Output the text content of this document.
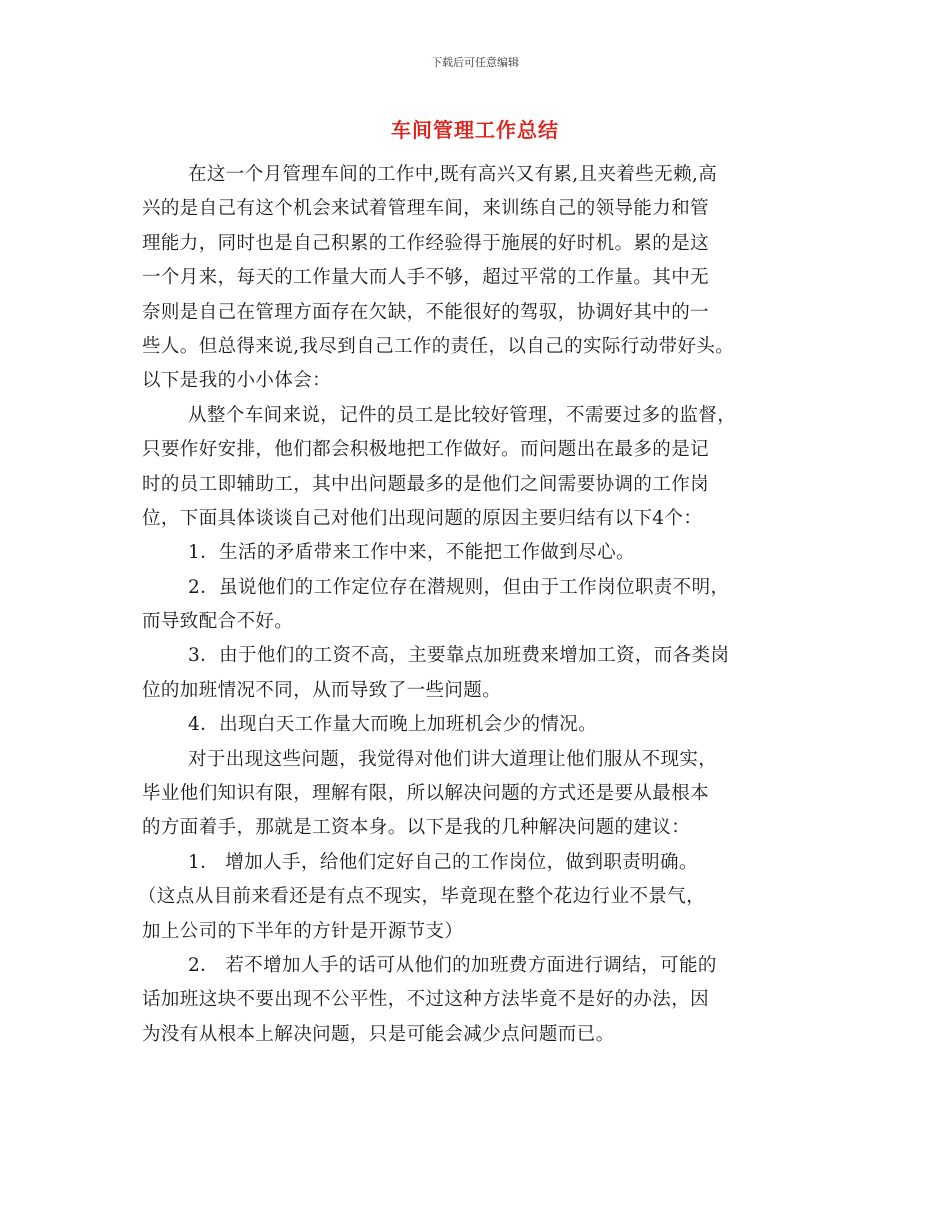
下载后可任意编辑
车间管理工作总结
在这一个月管理车间的工作中,既有高兴又有累,且夹着些无赖,高
兴的是自己有这个机会来试着管理车间，来训练自己的领导能力和管
理能力，同时也是自己积累的工作经验得于施展的好时机。累的是这
一个月来，每天的工作量大而人手不够，超过平常的工作量。其中无
奈则是自己在管理方面存在欠缺，不能很好的驾驭，协调好其中的一
些人。但总得来说,我尽到自己工作的责任，以自己的实际行动带好头。
以下是我的小小体会：
从整个车间来说，记件的员工是比较好管理，不需要过多的监督，
只要作好安排，他们都会积极地把工作做好。而问题出在最多的是记
时的员工即辅助工，其中出问题最多的是他们之间需要协调的工作岗
位，下面具体谈谈自己对他们出现问题的原因主要归结有以下4个：
1．生活的矛盾带来工作中来，不能把工作做到尽心。
2．虽说他们的工作定位存在潜规则，但由于工作岗位职责不明，
而导致配合不好。
3．由于他们的工资不高，主要靠点加班费来增加工资，而各类岗
位的加班情况不同，从而导致了一些问题。
4．出现白天工作量大而晚上加班机会少的情况。
对于出现这些问题，我觉得对他们讲大道理让他们服从不现实，
毕业他们知识有限，理解有限，所以解决问题的方式还是要从最根本
的方面着手，那就是工资本身。以下是我的几种解决问题的建议：
1． 增加人手，给他们定好自己的工作岗位，做到职责明确。
（这点从目前来看还是有点不现实，毕竟现在整个花边行业不景气，
加上公司的下半年的方针是开源节支）
2． 若不增加人手的话可从他们的加班费方面进行调结，可能的
话加班这块不要出现不公平性，不过这种方法毕竟不是好的办法，因
为没有从根本上解决问题，只是可能会减少点问题而已。
